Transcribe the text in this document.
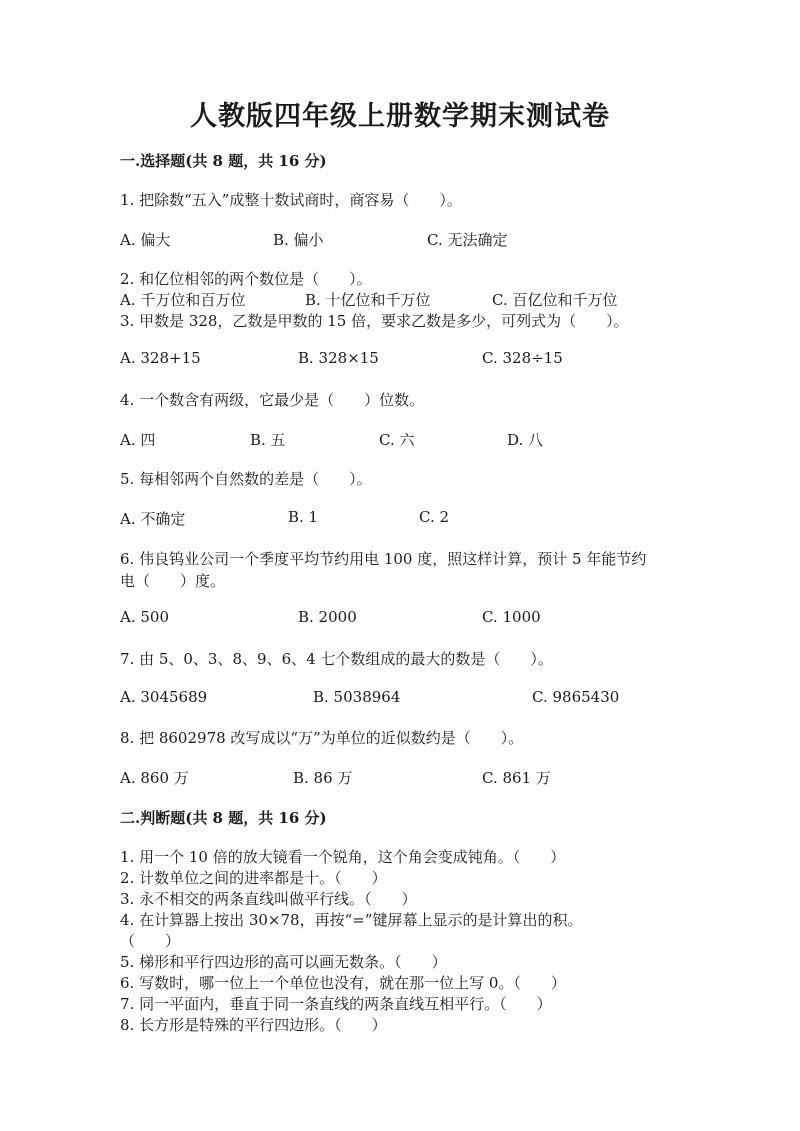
人教版四年级上册数学期末测试卷
一.选择题(共 8 题，共 16 分)
1. 把除数“五入”成整十数试商时，商容易（　　）。
A. 偏大	B. 偏小	C. 无法确定
2. 和亿位相邻的两个数位是（　　）。
A. 千万位和百万位	B. 十亿位和千万位	C. 百亿位和千万位
3. 甲数是 328，乙数是甲数的 15 倍，要求乙数是多少，可列式为（　　）。
A. 328+15	B. 328×15	C. 328÷15
4. 一个数含有两级，它最少是（　　）位数。
A. 四	B. 五	C. 六	D. 八
5. 每相邻两个自然数的差是（　　）。
A. 不确定	B. 1	C. 2
6. 伟良钨业公司一个季度平均节约用电 100 度，照这样计算，预计 5 年能节约
电（　　）度。
A. 500	B. 2000	C. 1000
7. 由 5、0、3、8、9、6、4 七个数组成的最大的数是（　　）。
A. 3045689	B. 5038964	C. 9865430
8. 把 8602978 改写成以“万”为单位的近似数约是（　　）。
A. 860 万	B. 86 万	C. 861 万
二.判断题(共 8 题，共 16 分)
1. 用一个 10 倍的放大镜看一个锐角，这个角会变成钝角。（　　）
2. 计数单位之间的进率都是十。（　　）
3. 永不相交的两条直线叫做平行线。（　　）
4. 在计算器上按出 30×78，再按“=”键屏幕上显示的是计算出的积。
（　　）
5. 梯形和平行四边形的高可以画无数条。（　　）
6. 写数时，哪一位上一个单位也没有，就在那一位上写 0。（　　）
7. 同一平面内，垂直于同一条直线的两条直线互相平行。（　　）
8. 长方形是特殊的平行四边形。（　　）
